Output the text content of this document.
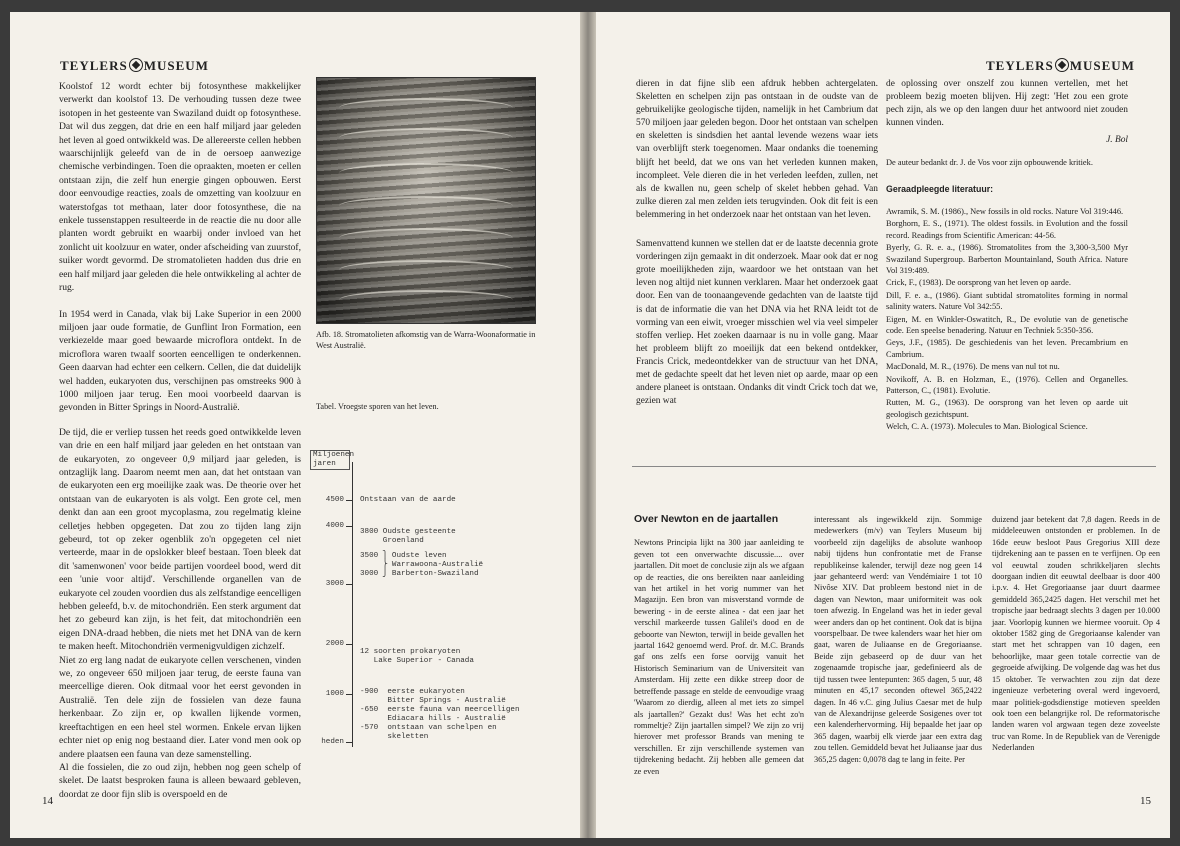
TEYLERS MUSEUM

Koolstof 12 wordt echter bij fotosynthese makkelijker verwerkt dan koolstof 13. De verhouding tussen deze twee isotopen in het gesteente van Swaziland duidt op fotosynthese. Dat wil dus zeggen, dat drie en een half miljard jaar geleden het leven al goed ontwikkeld was. De allereerste cellen hebben waarschijnlijk geleefd van de in de oersoep aanwezige chemische verbindingen. Toen die opraakten, moeten er cellen ontstaan zijn, die zelf hun energie gingen opbouwen. Eerst door eenvoudige reacties, zoals de omzetting van koolzuur en waterstofgas tot methaan, later door fotosynthese, die na enkele tussenstappen resulteerde in de reactie die nu door alle planten wordt gebruikt en waarbij onder invloed van het zonlicht uit koolzuur en water, onder afscheiding van zuurstof, suiker wordt gevormd. De stromatolieten hadden dus drie en een half miljard jaar geleden die hele ontwikkeling al achter de rug.

In 1954 werd in Canada, vlak bij Lake Superior in een 2000 miljoen jaar oude formatie, de Gunflint Iron Formation, een verkiezelde maar goed bewaarde microflora ontdekt. In de microflora waren twaalf soorten eencelligen te onderkennen. Geen daarvan had echter een celkern. Cellen, die dat duidelijk wel hadden, eukaryoten dus, verschijnen pas omstreeks 900 à 1000 miljoen jaar terug. Een mooi voorbeeld daarvan is gevonden in Bitter Springs in Noord-Australië.

De tijd, die er verliep tussen het reeds goed ontwikkelde leven van drie en een half miljard jaar geleden en het ontstaan van de eukaryoten, zo ongeveer 0,9 miljard jaar geleden, is ontzaglijk lang. Daarom neemt men aan, dat het ontstaan van de eukaryoten een erg moeilijke zaak was. De theorie over het ontstaan van de eukaryoten is als volgt. Een grote cel, men denkt dan aan een groot mycoplasma, zou regelmatig kleine celletjes hebben opgegeten. Dat zou zo tijden lang zijn gebeurd, tot op zeker ogenblik zo'n opgegeten cel niet verteerde, maar in de opslokker bleef bestaan. Toen bleek dat dit 'samenwonen' voor beide partijen voordeel bood, werd dit een 'unie voor altijd'. Verschillende organellen van de eukaryote cel zouden voordien dus als zelfstandige eencelligen hebben geleefd, b.v. de mitochondriën. Een sterk argument dat het zo gebeurd kan zijn, is het feit, dat mitochondriën een eigen DNA-draad hebben, die niets met het DNA van de kern te maken heeft. Mitochondriën vermenigvuldigen zichzelf.

Niet zo erg lang nadat de eukaryote cellen verschenen, vinden we, zo ongeveer 650 miljoen jaar terug, de eerste fauna van meercellige dieren. Ook ditmaal voor het eerst gevonden in Australië. Ten dele zijn de fossielen van deze fauna herkenbaar. Zo zijn er, op kwallen lijkende vormen, kreeftachtigen en een heel stel wormen. Enkele ervan lijken echter niet op enig nog bestaand dier. Later vond men ook op andere plaatsen een fauna van deze samenstelling.

Al die fossielen, die zo oud zijn, hebben nog geen schelp of skelet. De laatst besproken fauna is alleen bewaard gebleven, doordat ze door fijn slib is overspoeld en de

Afb. 18. Stromatolieten afkomstig van de Warra-Woonaformatie in West Australië.
Tabel. Vroegste sporen van het leven.
Miljoenen jaren
4500
4000
3000
2000
1000
heden
Ontstaan van de aarde
3800 Oudste gesteente
Groenland
3500 ⎫ Oudste leven
⎬ Warrawoona-Australië
3000 ⎭ Barberton-Swaziland
12 soorten prokaryoten
Lake Superior - Canada
-900  eerste eukaryoten
Bitter Springs - Australië
-650  eerste fauna van meercelligen
Ediacara hills - Australië
-570  ontstaan van schelpen en
skeletten
14
TEYLERS MUSEUM

dieren in dat fijne slib een afdruk hebben achtergelaten. Skeletten en schelpen zijn pas ontstaan in de oudste van de gebruikelijke geologische tijden, namelijk in het Cambrium dat 570 miljoen jaar geleden begon. Door het ontstaan van schelpen en skeletten is sindsdien het aantal levende wezens waar iets van overblijft sterk toegenomen. Maar ondanks die toeneming blijft het beeld, dat we ons van het verleden kunnen maken, incompleet. Vele dieren die in het verleden leefden, zullen, net als de kwallen nu, geen schelp of skelet hebben gehad. Van zulke dieren zal men zelden iets terugvinden. Ook dit feit is een belemmering in het onderzoek naar het ontstaan van het leven.

Samenvattend kunnen we stellen dat er de laatste decennia grote vorderingen zijn gemaakt in dit onderzoek. Maar ook dat er nog grote moeilijkheden zijn, waardoor we het ontstaan van het leven nog altijd niet kunnen verklaren. Maar het onderzoek gaat door. Een van de toonaangevende gedachten van de laatste tijd is dat de informatie die van het DNA via het RNA leidt tot de vorming van een eiwit, vroeger misschien wel via veel simpeler stoffen verliep. Het zoeken daarnaar is nu in volle gang. Maar het probleem blijft zo moeilijk dat een bekend ontdekker, Francis Crick, medeontdekker van de structuur van het DNA, met de gedachte speelt dat het leven niet op aarde, maar op een andere planeet is ontstaan. Ondanks dit vindt Crick toch dat we, gezien wat

de oplossing over onszelf zou kunnen vertellen, met het probleem bezig moeten blijven. Hij zegt: 'Het zou een grote pech zijn, als we op den langen duur het antwoord niet zouden kunnen vinden.
J. Bol
De auteur bedankt dr. J. de Vos voor zijn opbouwende kritiek.
Geraadpleegde literatuur:

Awramik, S. M. (1986)., New fossils in old rocks. Nature Vol 319:446.

Borghorn, E. S., (1971). The oldest fossils. in Evolution and the fossil record. Readings from Scientific American: 44-56.

Byerly, G. R. e. a., (1986). Stromatolites from the 3,300-3,500 Myr Swaziland Supergroup. Barberton Mountainland, South Africa. Nature Vol 319:489.

Crick, F., (1983). De oorsprong van het leven op aarde.

Dill, F. e. a., (1986). Giant subtidal stromatolites forming in normal salinity waters. Nature Vol 342:55.

Eigen, M. en Winkler-Oswatitch, R., De evolutie van de genetische code. Een speelse benadering. Natuur en Techniek 5:350-356.

Geys, J.F., (1985). De geschiedenis van het leven. Precambrium en Cambrium.

MacDonald, M. R., (1976). De mens van nul tot nu.

Novikoff, A. B. en Holzman, E., (1976). Cellen and Organelles. Patterson, C., (1981). Evolutie.

Rutten, M. G., (1963). De oorsprong van het leven op aarde uit geologisch gezichtspunt.

Welch, C. A. (1973). Molecules to Man. Biological Science.

15
Over Newton en de jaartallen
Newtons Principia lijkt na 300 jaar aanleiding te geven tot een onverwachte discussie.... over jaartallen. Dit moet de conclusie zijn als we afgaan op de reacties, die ons bereikten naar aanleiding van het artikel in het vorig nummer van het Magazijn. Een bron van misverstand vormde de bewering - in de eerste alinea - dat een jaar het verschil markeerde tussen Galilei's dood en de geboorte van Newton, terwijl in beide gevallen het jaartal 1642 genoemd werd. Prof. dr. M.C. Brands gaf ons zelfs een forse oorvijg vanuit het Historisch Seminarium van de Universiteit van Amsterdam. Hij zette een dikke streep door de betreffende passage en stelde de eenvoudige vraag 'Waarom zo dierdig, alleen al met iets zo simpel als jaartallen?' Gezakt dus! Was het echt zo'n rommeltje? Zijn jaartallen simpel? We zijn zo vrij hierover met professor Brands van mening te verschillen. Er zijn verschillende systemen van tijdrekening bedacht. Zij hebben alle gemeen dat ze even
interessant als ingewikkeld zijn. Sommige medewerkers (m/v) van Teylers Museum bij voorbeeld zijn dagelijks de absolute wanhoop nabij tijdens hun confrontatie met de Franse republikeinse kalender, terwijl deze nog geen 14 jaar gehanteerd werd: van Vendémiaire 1 tot 10 Nivôse XIV. Dat probleem bestond niet in de dagen van Newton, maar uniformiteit was ook toen afwezig. In Engeland was het in ieder geval weer anders dan op het continent. Ook dat is bijna voorspelbaar. De twee kalenders waar het hier om gaat, waren de Juliaanse en de Gregoriaanse. Beide zijn gebaseerd op de duur van het zogenaamde tropische jaar, gedefinieerd als de tijd tussen twee lentepunten: 365 dagen, 5 uur, 48 minuten en 45,17 seconden oftewel 365,2422 dagen. In 46 v.C. ging Julius Caesar met de hulp van de Alexandrijnse geleerde Sosigenes over tot een kalenderhervorming. Hij bepaalde het jaar op 365 dagen, waarbij elk vierde jaar een extra dag zou tellen. Gemiddeld bevat het Juliaanse jaar dus 365,25 dagen: 0,0078 dag te lang in feite. Per
duizend jaar betekent dat 7,8 dagen. Reeds in de middeleeuwen ontstonden er problemen. In de 16de eeuw besloot Paus Gregorius XIII deze tijdrekening aan te passen en te verfijnen. Op een vol eeuwtal zouden schrikkeljaren slechts doorgaan indien dit eeuwtal deelbaar is door 400 i.p.v. 4. Het Gregoriaanse jaar duurt daarmee gemiddeld 365,2425 dagen. Het verschil met het tropische jaar bedraagt slechts 3 dagen per 10.000 jaar. Voorlopig kunnen we hiermee vooruit. Op 4 oktober 1582 ging de Gregoriaanse kalender van start met het schrappen van 10 dagen, een behoorlijke, maar geen totale correctie van de gegroeide afwijking. De volgende dag was het dus 15 oktober. Te verwachten zou zijn dat deze ingenieuze verbetering overal werd ingevoerd, maar politiek-godsdienstige motieven speelden ook toen een belangrijke rol. De reformatorische landen waren vol argwaan tegen deze zoveelste truc van Rome. In de Republiek van de Verenigde Nederlanden
